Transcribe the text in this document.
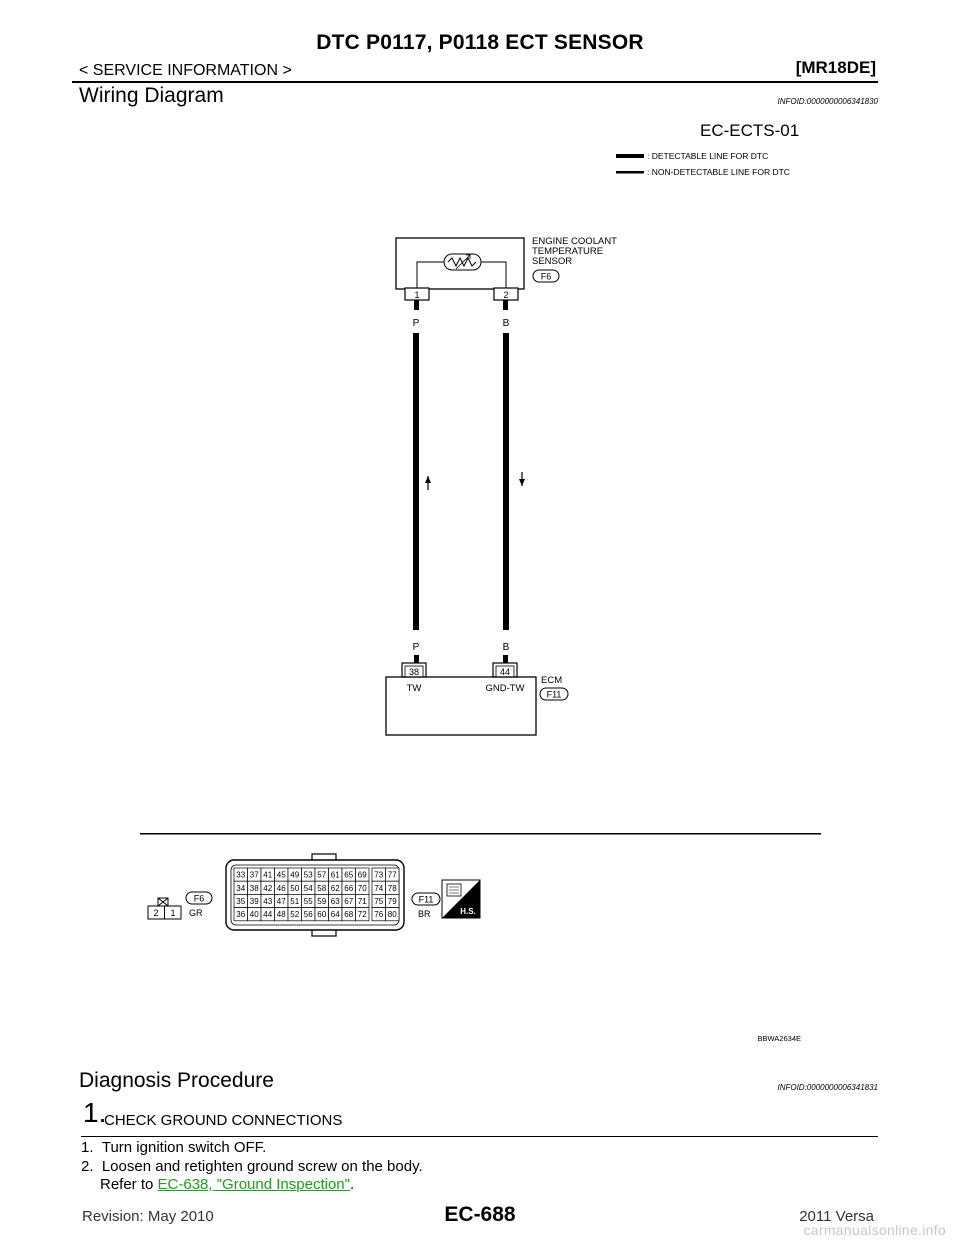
DTC P0117, P0118 ECT SENSOR
< SERVICE INFORMATION >	[MR18DE]
Wiring Diagram	INFOID:0000000006341830
EC-ECTS-01
: DETECTABLE LINE FOR DTC
: NON-DETECTABLE LINE FOR DTC
1	2
ENGINE COOLANT
TEMPERATURE
SENSOR
F6
P	B
P	B
38	44
TW	GND-TW
ECM
F11
2 1
F6
GR
33 37 41 45 49 53 57 61 65 69 73 77
34 38 42 46 50 54 58 62 66 70 74 78
35 39 43 47 51 55 59 63 67 71 75 79
36 40 44 48 52 56 60 64 68 72 76 80
F11
BR	H.S.
BBWA2634E
Diagnosis Procedure	INFOID:0000000006341831
1.
CHECK GROUND CONNECTIONS
1.  Turn ignition switch OFF.
2.  Loosen and retighten ground screw on the body.
Refer to EC-638, "Ground Inspection".
Revision: May 2010	EC-688	2011 Versa
carmanualsonline.info
